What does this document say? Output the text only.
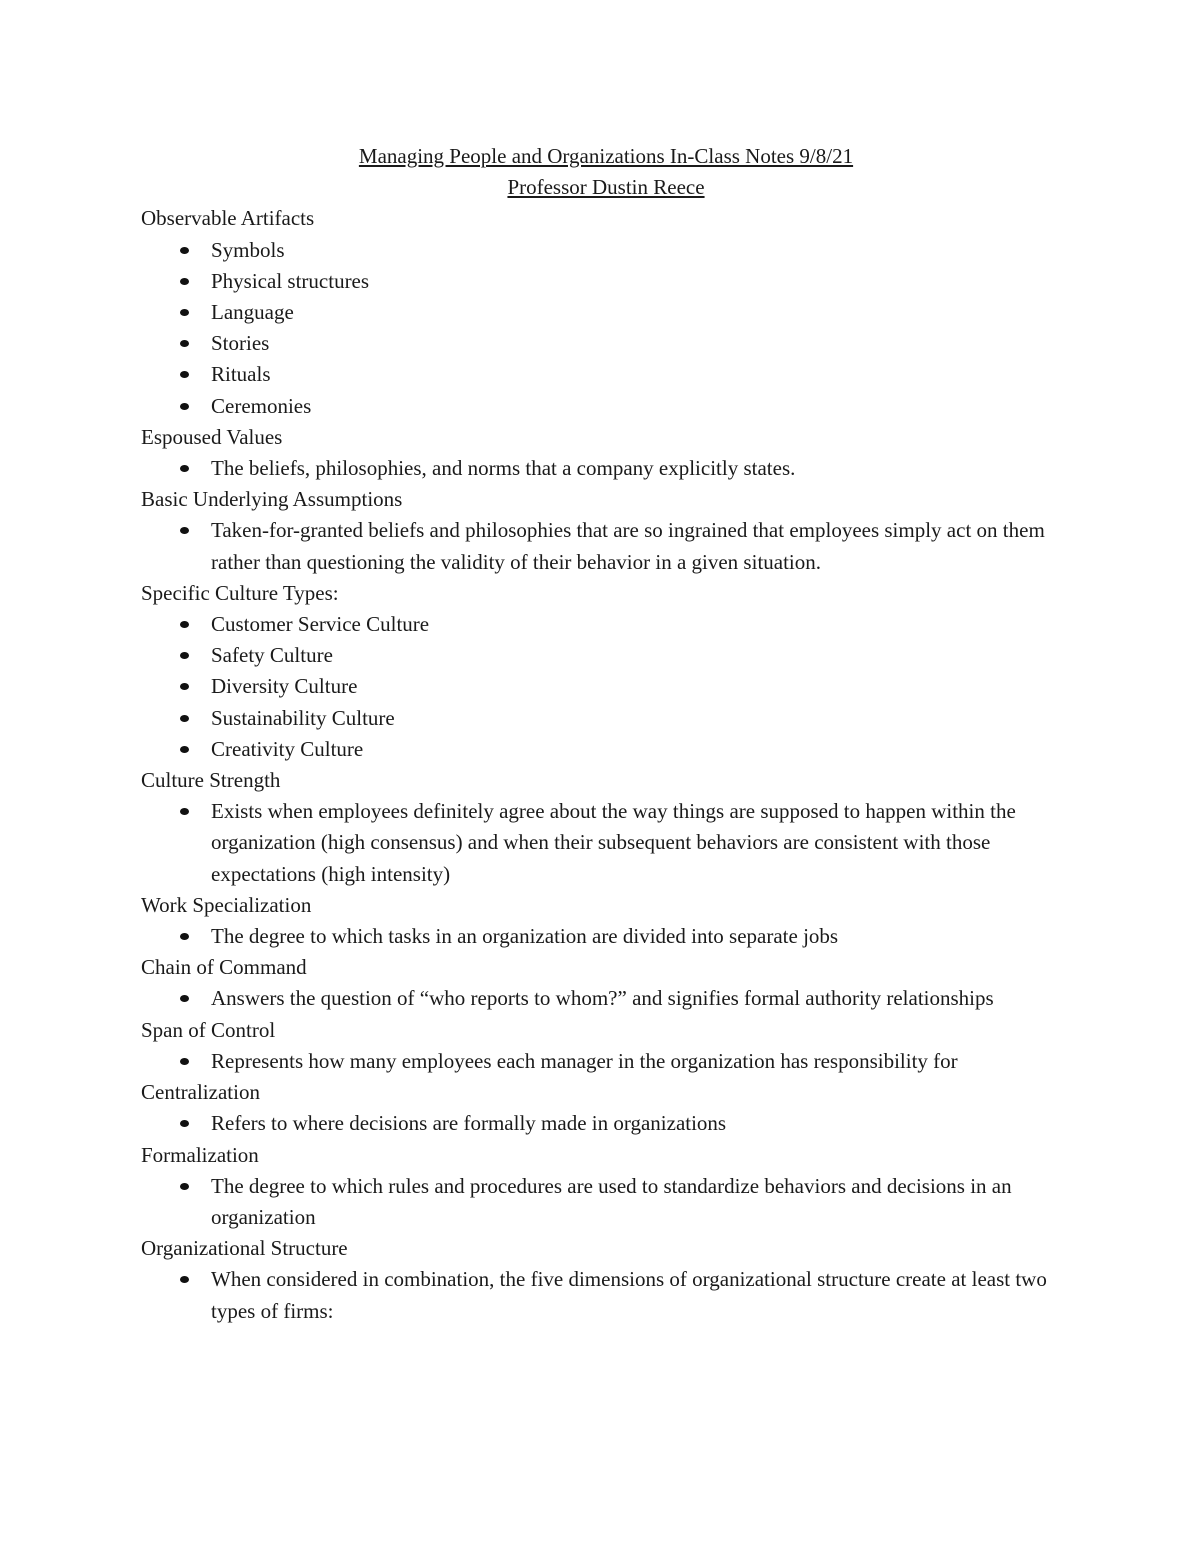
Managing People and Organizations In-Class Notes 9/8/21

Professor Dustin Reece

Observable Artifacts

Symbols
Physical structures
Language
Stories
Rituals
Ceremonies

Espoused Values

The beliefs, philosophies, and norms that a company explicitly states.

Basic Underlying Assumptions

Taken-for-granted beliefs and philosophies that are so ingrained that employees simply act on them rather than questioning the validity of their behavior in a given situation.

Specific Culture Types:

Customer Service Culture
Safety Culture
Diversity Culture
Sustainability Culture
Creativity Culture

Culture Strength

Exists when employees definitely agree about the way things are supposed to happen within the organization (high consensus) and when their subsequent behaviors are consistent with those expectations (high intensity)

Work Specialization

The degree to which tasks in an organization are divided into separate jobs

Chain of Command

Answers the question of “who reports to whom?” and signifies formal authority relationships

Span of Control

Represents how many employees each manager in the organization has responsibility for

Centralization

Refers to where decisions are formally made in organizations

Formalization

The degree to which rules and procedures are used to standardize behaviors and decisions in an organization

Organizational Structure

When considered in combination, the five dimensions of organizational structure create at least two types of firms:
